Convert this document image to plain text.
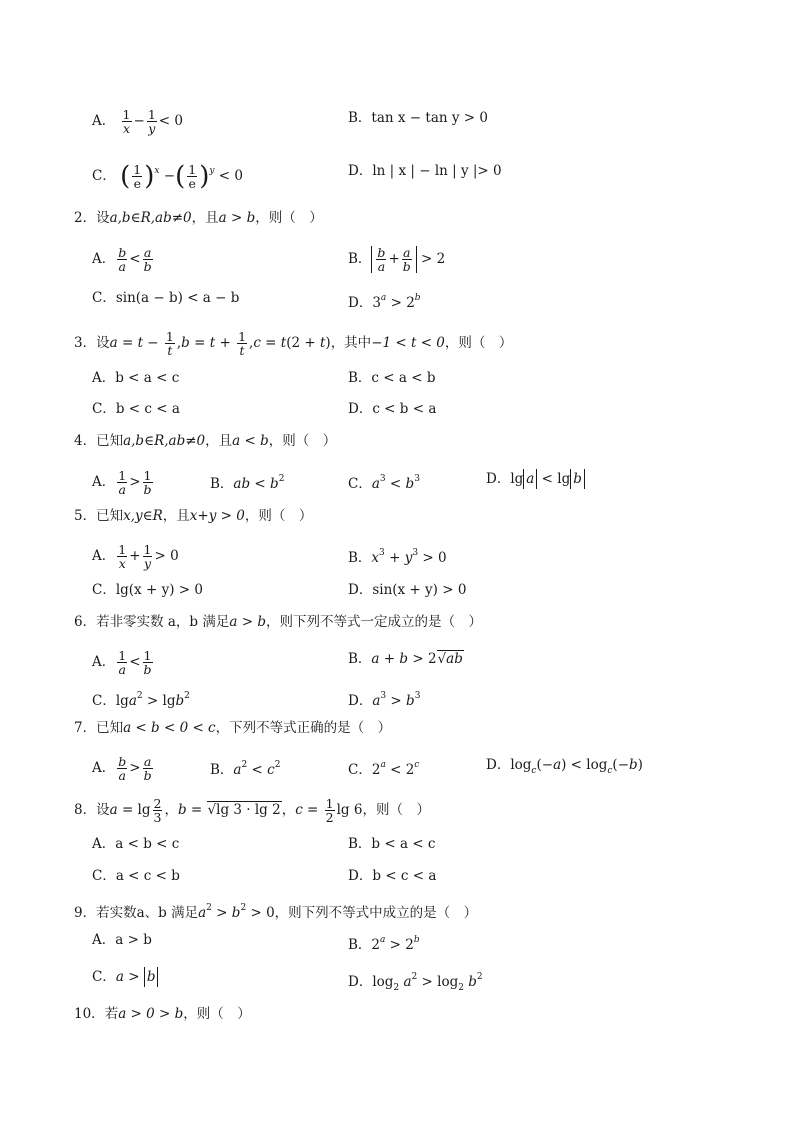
A． $\frac{1}{x} - \frac{1}{y} < 0$	B．tan x − tan y > 0
C． ( $\frac{1}{e} )^x$ −( $\frac{1}{e} )^y < 0$	D．ln | x | − ln | y |> 0
2．设a,b∈R,ab≠0，且a > b，则（　）
A． $\frac{b}{a} < \frac{a}{b}$	B． $\frac{b}{a} + \frac{a}{b} > 2$
C．sin(a − b) < a − b	D．$3^a > 2^b$
3．设$a = t - \frac{1}{t} ,b = t + \frac{1}{t} ,c = t(2 + t)$，其中−1 < t < 0，则（　）
A．b < a < c	B．c < a < b
C．b < c < a	D．c < b < a
4．已知a,b∈R,ab≠0，且a < b，则（　）
A． $\frac{1}{a} > \frac{1}{b}$	B．ab < $b^2$	C．$a^3 < b^3$	D．lg a < lg b
5．已知x,y∈R，且x+y > 0，则（　）
A． $\frac{1}{x} + \frac{1}{y} > 0$	B．$x^3 + y^3 > 0$
C．lg(x + y) > 0	D．sin(x + y) > 0
6．若非零实数 a，b 满足a > b，则下列不等式一定成立的是（　）
A． $\frac{1}{a} < \frac{1}{b}$	B．a + b > 2√ab
C．lga$^2$ > lgb$^2$	D．$a^3 > b^3$
7．已知a < b < 0 < c，下列不等式正确的是（　）
A． $\frac{b}{a} > \frac{a}{b}$	B．$a^2 < c^2$	C．$2^a < 2^c$	D．$\log_c(-a) < \log_c(-b)$
8．设$a = \lg \frac{2}{3}$ ，b = √lg 3 · lg 2，$c = \frac{1}{2}$ lg 6，则（　）
A．a < b < c	B．b < a < c
C．a < c < b	D．b < c < a
9．若实数a、b 满足$a^2 > b^2 > 0$，则下列不等式中成立的是（　）
A．a > b	B．$2^a > 2^b$
C．a > b	D．$\log_2 a^2 > \log_2 b^2$
10．若a > 0 > b，则（　）
